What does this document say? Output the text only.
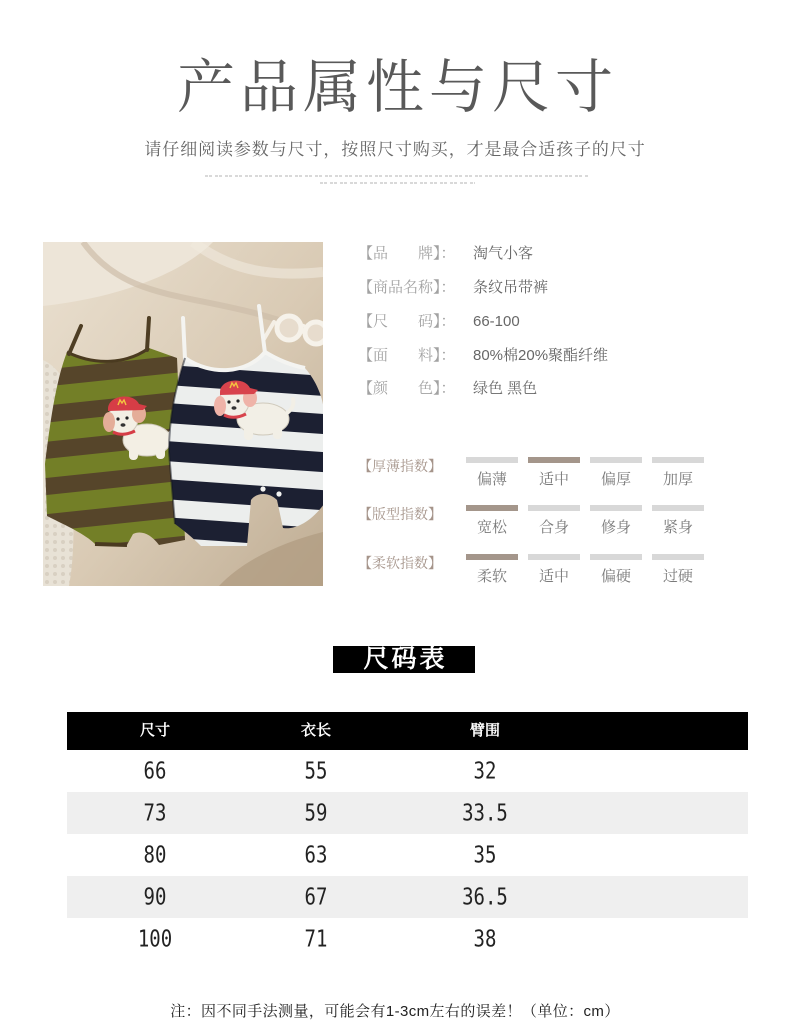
产品属性与尺寸
请仔细阅读参数与尺寸，按照尺寸购买，才是最合适孩子的尺寸
【品　　牌】： 淘气小客
【商品名称】： 条纹吊带裤
【尺　　码】： 66-100
【面　　料】： 80%棉20%聚酯纤维
【颜　　色】： 绿色 黑色
【厚薄指数】
偏薄	适中	偏厚	加厚
【版型指数】
宽松	合身	修身	紧身
【柔软指数】
柔软	适中	偏硬	过硬
尺码表
尺寸	衣长	臂围
66	55	32
73	59	33.5
80	63	35
90	67	36.5
100	71	38
注：因不同手法测量，可能会有1-3cm左右的误差！（单位：cm）
